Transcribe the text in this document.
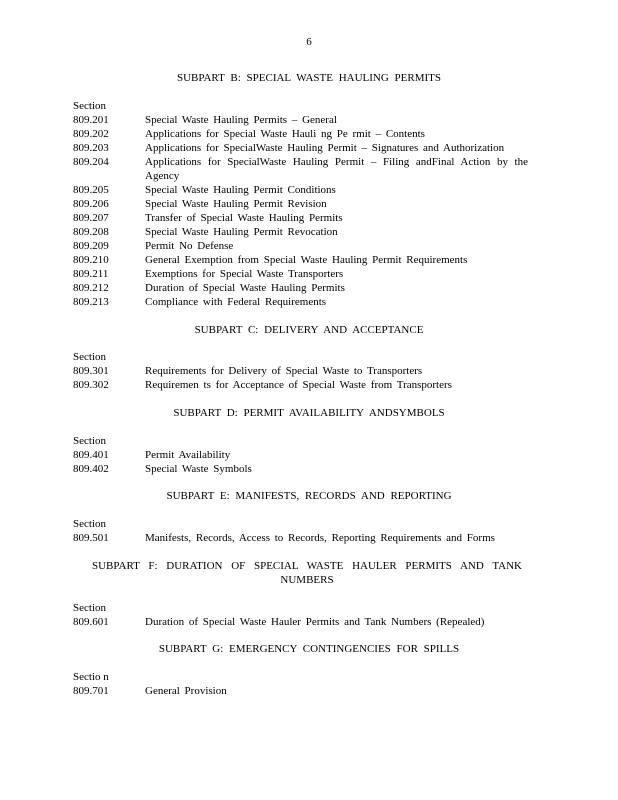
6
SUBPART B: SPECIAL WASTE HAULING PERMITS
Section
809.201	Special Waste Hauling Permits – General
809.202	Applications for Special Waste Hauli ng Pe rmit – Contents
809.203	Applications for SpecialWaste Hauling Permit – Signatures and Authorization
809.204	Applications for SpecialWaste Hauling Permit – Filing andFinal Action by the Agency
809.205	Special Waste Hauling Permit Conditions
809.206	Special Waste Hauling Permit Revision
809.207	Transfer of Special Waste Hauling Permits
809.208	Special Waste Hauling Permit Revocation
809.209	Permit No Defense
809.210	General Exemption from Special Waste Hauling Permit Requirements
809.211	Exemptions for Special Waste Transporters
809.212	Duration of Special Waste Hauling Permits
809.213	Compliance with Federal Requirements
SUBPART C: DELIVERY AND ACCEPTANCE
Section
809.301	Requirements for Delivery of Special Waste to Transporters
809.302	Requiremen ts for Acceptance of Special Waste from Transporters
SUBPART D: PERMIT AVAILABILITY ANDSYMBOLS
Section
809.401	Permit Availability
809.402	Special Waste Symbols
SUBPART E: MANIFESTS, RECORDS AND REPORTING
Section
809.501	Manifests, Records, Access to Records, Reporting Requirements and Forms
SUBPART F: DURATION OF SPECIAL WASTE HAULER PERMITS AND TANK NUMBERS
Section
809.601	Duration of Special Waste Hauler Permits and Tank Numbers (Repealed)
SUBPART G: EMERGENCY CONTINGENCIES FOR SPILLS
Sectio n
809.701	General Provision
